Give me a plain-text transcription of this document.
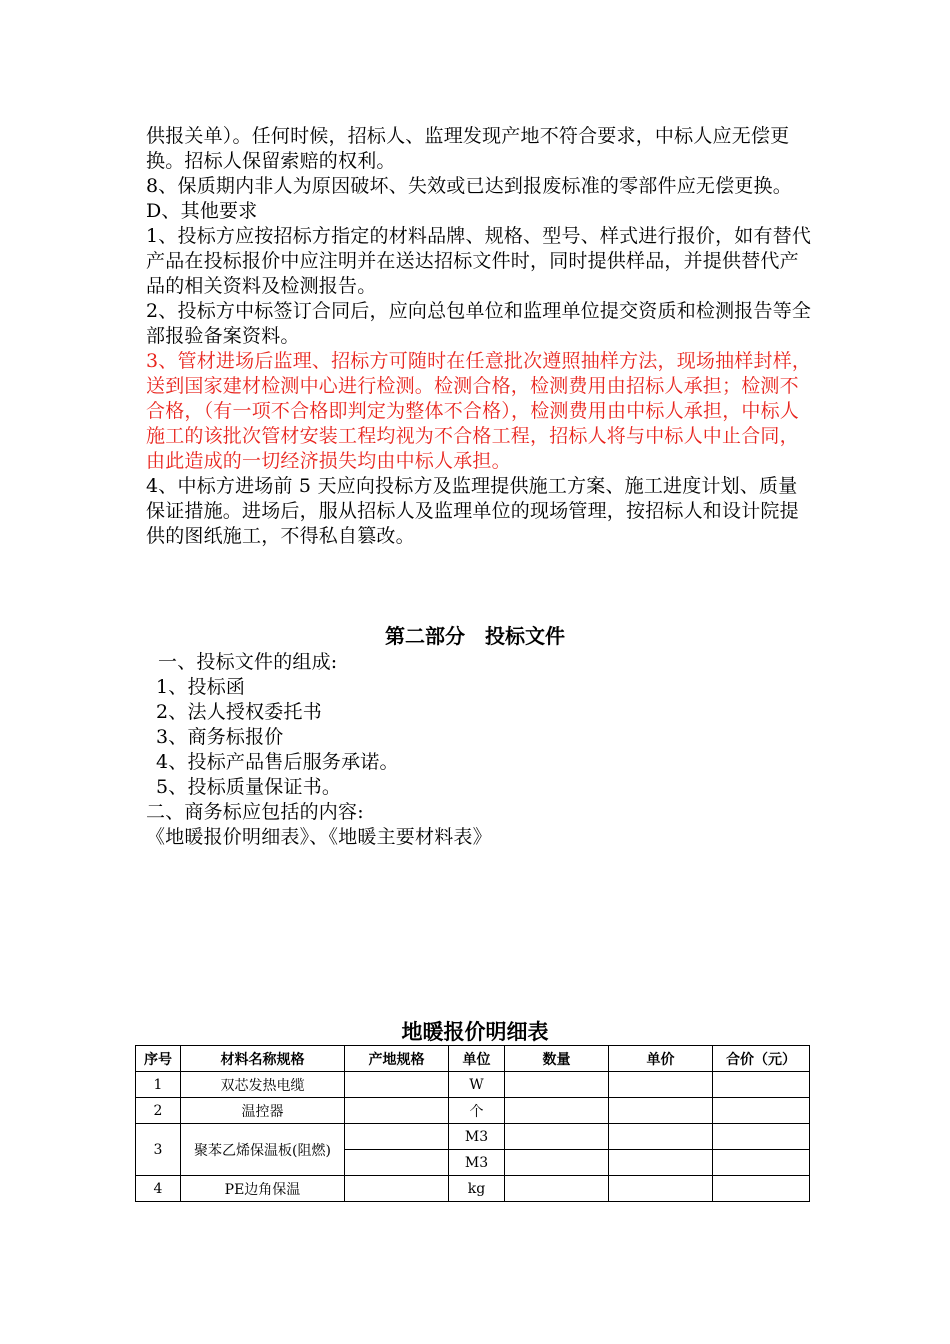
供报关单）。任何时候，招标人、监理发现产地不符合要求，中标人应无偿更换。招标人保留索赔的权利。

8、保质期内非人为原因破坏、失效或已达到报废标准的零部件应无偿更换。

D、其他要求

1、投标方应按招标方指定的材料品牌、规格、型号、样式进行报价，如有替代产品在投标报价中应注明并在送达招标文件时，同时提供样品，并提供替代产品的相关资料及检测报告。

2、投标方中标签订合同后，应向总包单位和监理单位提交资质和检测报告等全部报验备案资料。

3、管材进场后监理、招标方可随时在任意批次遵照抽样方法，现场抽样封样，送到国家建材检测中心进行检测。检测合格，检测费用由招标人承担；检测不合格，（有一项不合格即判定为整体不合格），检测费用由中标人承担，中标人施工的该批次管材安装工程均视为不合格工程，招标人将与中标人中止合同，由此造成的一切经济损失均由中标人承担。

4、中标方进场前 5 天应向投标方及监理提供施工方案、施工进度计划、质量保证措施。进场后，服从招标人及监理单位的现场管理，按招标人和设计院提供的图纸施工，不得私自篡改。

第二部分　投标文件

一、投标文件的组成:

1、投标函

2、法人授权委托书

3、商务标报价

4、投标产品售后服务承诺。

5、投标质量保证书。

二、商务标应包括的内容:

《地暖报价明细表》、《地暖主要材料表》

地暖报价明细表
序号	材料名称规格	产地规格	单位	数量	单价	合价（元）
1	双芯发热电缆		W			
2	温控器		个			
3	聚苯乙烯保温板(阻燃)		M3			
			M3			
4	PE边角保温		kg			
